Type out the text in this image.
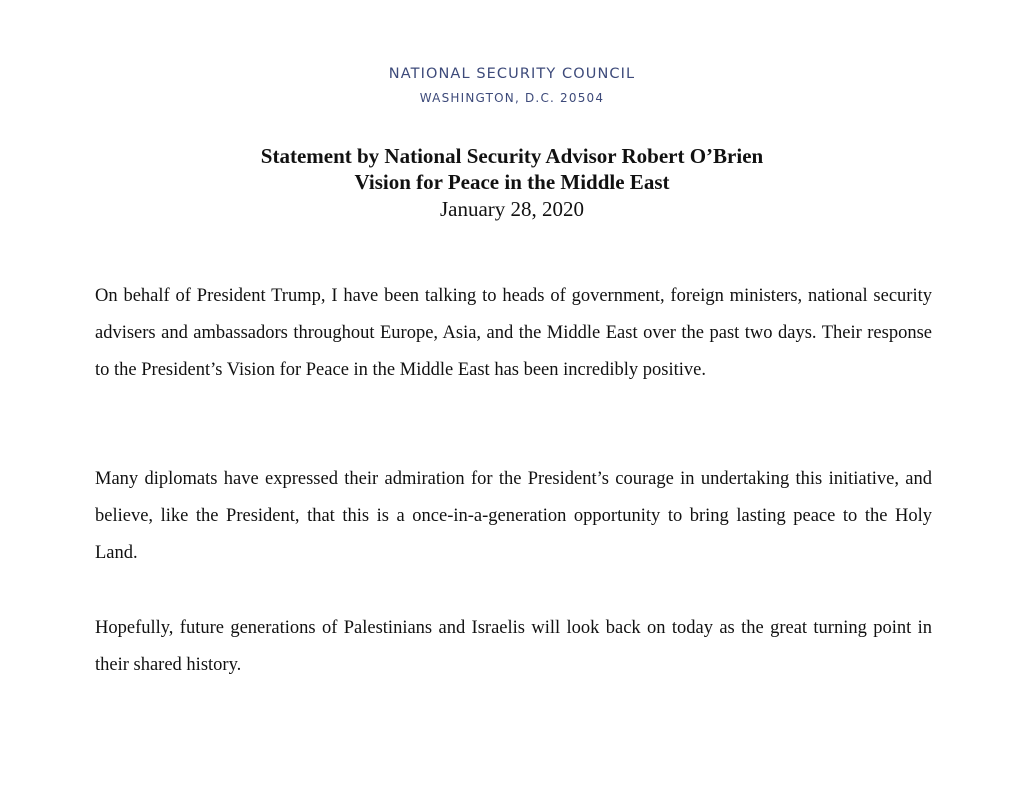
NATIONAL SECURITY COUNCIL
WASHINGTON, D.C. 20504
Statement by National Security Advisor Robert O’Brien
Vision for Peace in the Middle East
January 28, 2020

On behalf of President Trump, I have been talking to heads of government, foreign ministers, national security advisers and ambassadors throughout Europe, Asia, and the Middle East over the past two days. Their response to the President’s Vision for Peace in the Middle East has been incredibly positive.

Many diplomats have expressed their admiration for the President’s courage in undertaking this initiative, and believe, like the President, that this is a once-in-a-generation opportunity to bring lasting peace to the Holy Land.

Hopefully, future generations of Palestinians and Israelis will look back on today as the great turning point in their shared history.
